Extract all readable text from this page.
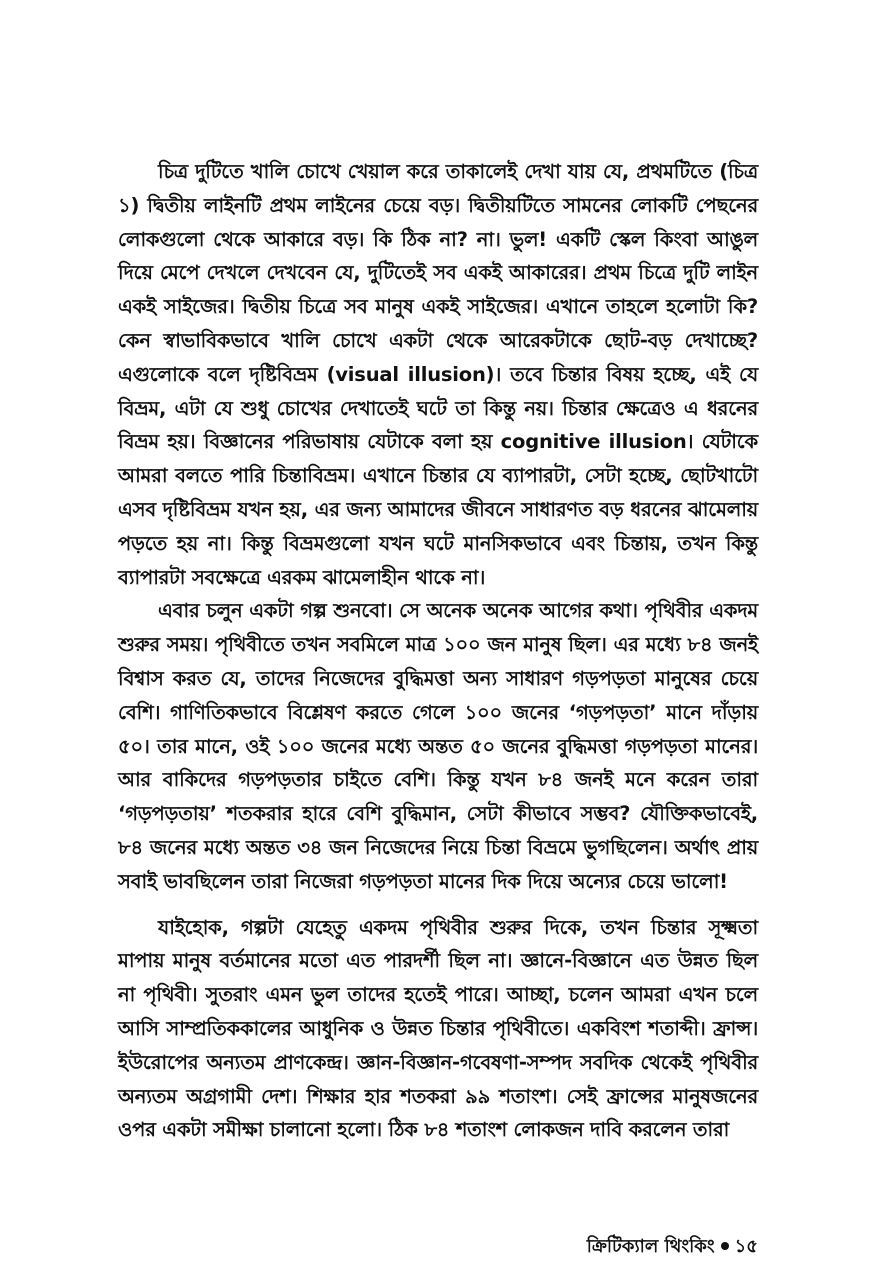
চিত্র দুটিতে খালি চোখে খেয়াল করে তাকালেই দেখা যায় যে, প্রথমটিতে (চিত্র ১) দ্বিতীয় লাইনটি প্রথম লাইনের চেয়ে বড়। দ্বিতীয়টিতে সামনের লোকটি পেছনের লোকগুলো থেকে আকারে বড়। কি ঠিক না? না। ভুল! একটি স্কেল কিংবা আঙুল দিয়ে মেপে দেখলে দেখবেন যে, দুটিতেই সব একই আকারের। প্রথম চিত্রে দুটি লাইন একই সাইজের। দ্বিতীয় চিত্রে সব মানুষ একই সাইজের। এখানে তাহলে হলোটা কি? কেন স্বাভাবিকভাবে খালি চোখে একটা থেকে আরেকটাকে ছোট-বড় দেখাচ্ছে? এগুলোকে বলে দৃষ্টিবিভ্রম (visual illusion)। তবে চিন্তার বিষয় হচ্ছে, এই যে বিভ্রম, এটা যে শুধু চোখের দেখাতেই ঘটে তা কিন্তু নয়। চিন্তার ক্ষেত্রেও এ ধরনের বিভ্রম হয়। বিজ্ঞানের পরিভাষায় যেটাকে বলা হয় cognitive illusion। যেটাকে আমরা বলতে পারি চিন্তাবিভ্রম। এখানে চিন্তার যে ব্যাপারটা, সেটা হচ্ছে, ছোটখাটো এসব দৃষ্টিবিভ্রম যখন হয়, এর জন্য আমাদের জীবনে সাধারণত বড় ধরনের ঝামেলায় পড়তে হয় না। কিন্তু বিভ্রমগুলো যখন ঘটে মানসিকভাবে এবং চিন্তায়, তখন কিন্তু ব্যাপারটা সবক্ষেত্রে এরকম ঝামেলাহীন থাকে না।

এবার চলুন একটা গল্প শুনবো। সে অনেক অনেক আগের কথা। পৃথিবীর একদম শুরুর সময়। পৃথিবীতে তখন সবমিলে মাত্র ১০০ জন মানুষ ছিল। এর মধ্যে ৮৪ জনই বিশ্বাস করত যে, তাদের নিজেদের বুদ্ধিমত্তা অন্য সাধারণ গড়পড়তা মানুষের চেয়ে বেশি। গাণিতিকভাবে বিশ্লেষণ করতে গেলে ১০০ জনের ‘গড়পড়তা’ মানে দাঁড়ায় ৫০। তার মানে, ওই ১০০ জনের মধ্যে অন্তত ৫০ জনের বুদ্ধিমত্তা গড়পড়তা মানের। আর বাকিদের গড়পড়তার চাইতে বেশি। কিন্তু যখন ৮৪ জনই মনে করেন তারা ‘গড়পড়তায়’ শতকরার হারে বেশি বুদ্ধিমান, সেটা কীভাবে সম্ভব? যৌক্তিকভাবেই, ৮৪ জনের মধ্যে অন্তত ৩৪ জন নিজেদের নিয়ে চিন্তা বিভ্রমে ভুগছিলেন। অর্থাৎ প্রায় সবাই ভাবছিলেন তারা নিজেরা গড়পড়তা মানের দিক দিয়ে অন্যের চেয়ে ভালো!

যাইহোক, গল্পটা যেহেতু একদম পৃথিবীর শুরুর দিকে, তখন চিন্তার সূক্ষ্মতা মাপায় মানুষ বর্তমানের মতো এত পারদর্শী ছিল না। জ্ঞানে-বিজ্ঞানে এত উন্নত ছিল না পৃথিবী। সুতরাং এমন ভুল তাদের হতেই পারে। আচ্ছা, চলেন আমরা এখন চলে আসি সাম্প্রতিককালের আধুনিক ও উন্নত চিন্তার পৃথিবীতে। একবিংশ শতাব্দী। ফ্রান্স। ইউরোপের অন্যতম প্রাণকেন্দ্র। জ্ঞান-বিজ্ঞান-গবেষণা-সম্পদ সবদিক থেকেই পৃথিবীর অন্যতম অগ্রগামী দেশ। শিক্ষার হার শতকরা ৯৯ শতাংশ। সেই ফ্রান্সের মানুষজনের ওপর একটা সমীক্ষা চালানো হলো। ঠিক ৮৪ শতাংশ লোকজন দাবি করলেন তারা

ক্রিটিক্যাল থিংকিং ১৫
